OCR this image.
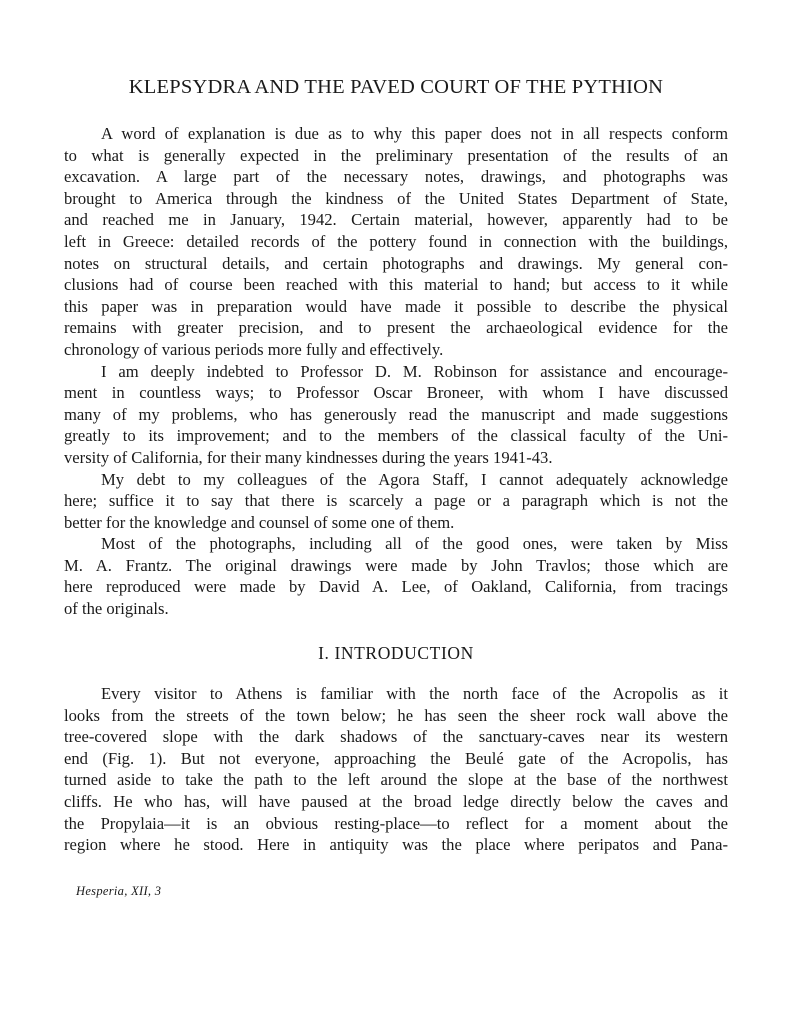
KLEPSYDRA AND THE PAVED COURT OF THE PYTHION

A word of explanation is due as to why this paper does not in all respects conform
to what is generally expected in the preliminary presentation of the results of an
excavation. A large part of the necessary notes, drawings, and photographs was
brought to America through the kindness of the United States Department of State,
and reached me in January, 1942. Certain material, however, apparently had to be
left in Greece: detailed records of the pottery found in connection with the buildings,
notes on structural details, and certain photographs and drawings. My general con-
clusions had of course been reached with this material to hand; but access to it while
this paper was in preparation would have made it possible to describe the physical
remains with greater precision, and to present the archaeological evidence for the
chronology of various periods more fully and effectively.

I am deeply indebted to Professor D. M. Robinson for assistance and encourage-
ment in countless ways; to Professor Oscar Broneer, with whom I have discussed
many of my problems, who has generously read the manuscript and made suggestions
greatly to its improvement; and to the members of the classical faculty of the Uni-
versity of California, for their many kindnesses during the years 1941-43.

My debt to my colleagues of the Agora Staff, I cannot adequately acknowledge
here; suffice it to say that there is scarcely a page or a paragraph which is not the
better for the knowledge and counsel of some one of them.

Most of the photographs, including all of the good ones, were taken by Miss
M. A. Frantz. The original drawings were made by John Travlos; those which are
here reproduced were made by David A. Lee, of Oakland, California, from tracings
of the originals.

I. INTRODUCTION

Every visitor to Athens is familiar with the north face of the Acropolis as it
looks from the streets of the town below; he has seen the sheer rock wall above the
tree-covered slope with the dark shadows of the sanctuary-caves near its western
end (Fig. 1). But not everyone, approaching the Beulé gate of the Acropolis, has
turned aside to take the path to the left around the slope at the base of the northwest
cliffs. He who has, will have paused at the broad ledge directly below the caves and
the Propylaia—it is an obvious resting-place—to reflect for a moment about the
region where he stood. Here in antiquity was the place where peripatos and Pana-

Hesperia, XII, 3
